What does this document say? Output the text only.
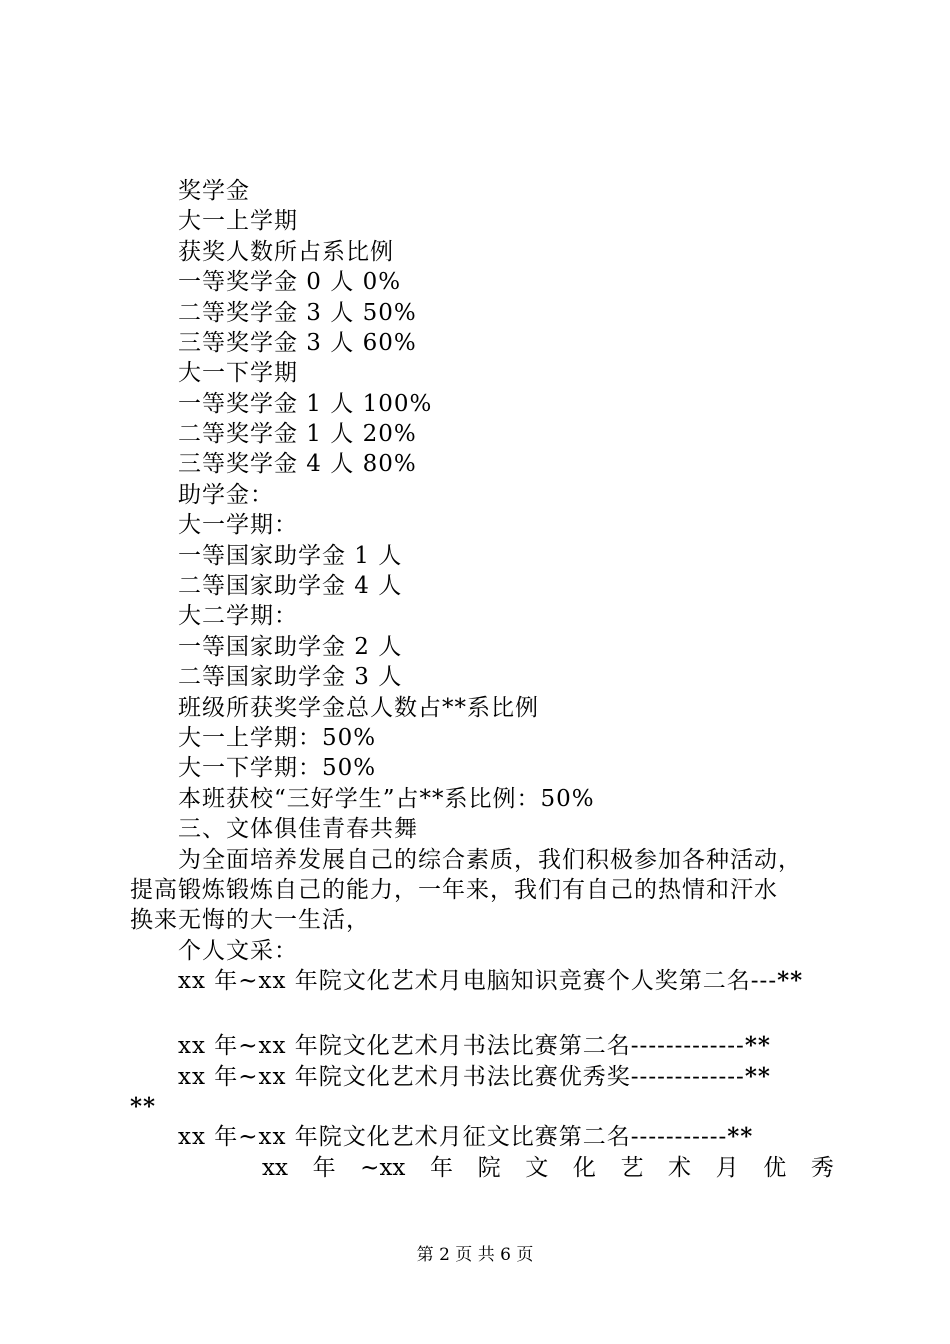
奖学金
大一上学期
获奖人数所占系比例
一等奖学金 0 人 0%
二等奖学金 3 人 50%
三等奖学金 3 人 60%
大一下学期
一等奖学金 1 人 100%
二等奖学金 1 人 20%
三等奖学金 4 人 80%
助学金：
大一学期：
一等国家助学金 1 人
二等国家助学金 4 人
大二学期：
一等国家助学金 2 人
二等国家助学金 3 人
班级所获奖学金总人数占**系比例
大一上学期：50%
大一下学期：50%
本班获校“三好学生”占**系比例：50%
三、文体俱佳青春共舞
为全面培养发展自己的综合素质，我们积极参加各种活动，
提高锻炼锻炼自己的能力，一年来，我们有自己的热情和汗水
换来无悔的大一生活，
个人文采：
xx 年~xx 年院文化艺术月电脑知识竞赛个人奖第二名---**
xx 年~xx 年院文化艺术月书法比赛第二名-------------**
xx 年~xx 年院文化艺术月书法比赛优秀奖-------------**
**
xx 年~xx 年院文化艺术月征文比赛第二名-----------**
xx 年 ~xx 年 院 文 化 艺 术 月 优 秀
第 2 页 共 6 页
